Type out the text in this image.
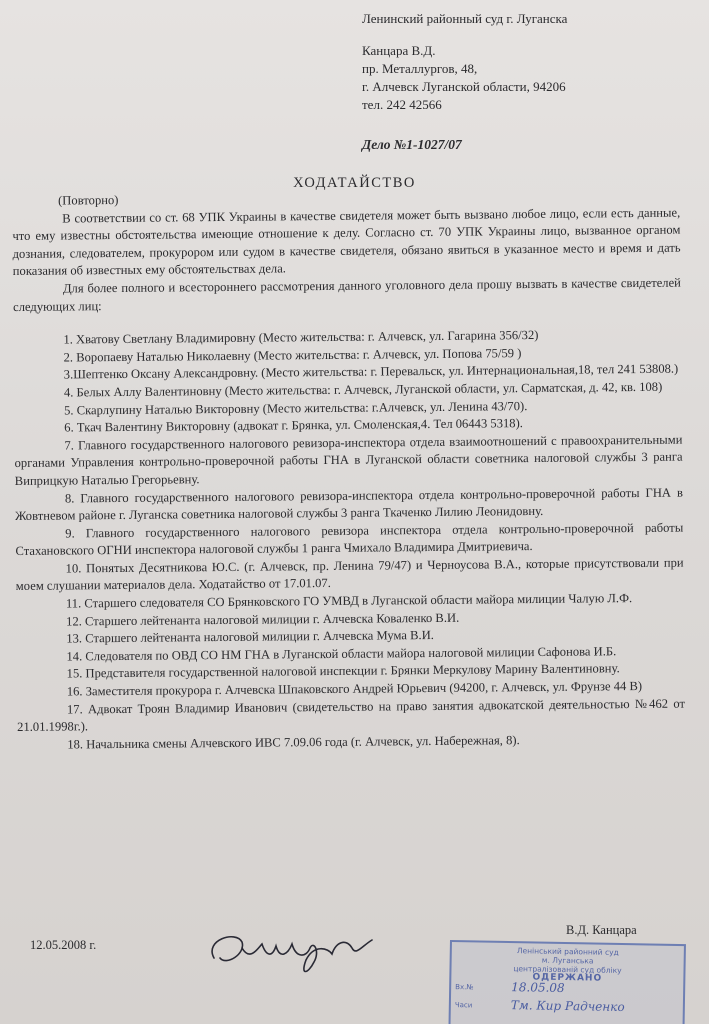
Ленинский районный суд г. Луганска
Канцара В.Д.
пр. Металлургов, 48,
г. Алчевск Луганской области, 94206
тел. 242 42566
Дело №1-1027/07
ХОДАТАЙСТВО

(Повторно)

В соответствии со ст. 68 УПК Украины в качестве свидетеля может быть вызвано любое лицо, если есть данные, что ему известны обстоятельства имеющие отношение к делу. Согласно ст. 70 УПК Украины лицо, вызванное органом дознания, следователем, прокурором или судом в качестве свидетеля, обязано явиться в указанное место и время и дать показания об известных ему обстоятельствах дела.

Для более полного и всестороннего рассмотрения данного уголовного дела прошу вызвать в качестве свидетелей следующих лиц:

1. Хватову Светлану Владимировну (Место жительства: г. Алчевск, ул. Гагарина 356/32)

2. Воропаеву Наталью Николаевну (Место жительства: г. Алчевск, ул. Попова 75/59 )

3.Шептенко Оксану Александровну. (Место жительства: г. Перевальск, ул. Интернациональная,18, тел 241 53808.)

4. Белых Аллу Валентиновну (Место жительства: г. Алчевск, Луганской области, ул. Сарматская, д. 42, кв. 108)

5. Скарлупину Наталью Викторовну (Место жительства: г.Алчевск, ул. Ленина 43/70).

6. Ткач Валентину Викторовну (адвокат г. Брянка, ул. Смоленская,4. Тел 06443 5318).

7. Главного государственного налогового ревизора-инспектора отдела взаимоотношений с правоохранительными органами Управления контрольно-проверочной работы ГНА в Луганской области советника налоговой службы 3 ранга Виприцкую Наталью Грегорьевну.

8. Главного государственного налогового ревизора-инспектора отдела контрольно-проверочной работы ГНА в Жовтневом районе г. Луганска советника налоговой службы 3 ранга Ткаченко Лилию Леонидовну.

9. Главного государственного налогового ревизора инспектора отдела контрольно-проверочной работы Стахановского ОГНИ инспектора налоговой службы 1 ранга Чмихало Владимира Дмитриевича.

10. Понятых Десятникова Ю.С. (г. Алчевск, пр. Ленина 79/47) и Черноусова В.А., которые присутствовали при моем слушании материалов дела. Ходатайство от 17.01.07.

11. Старшего следователя СО Брянковского ГО УМВД в Луганской области майора милиции Чалую Л.Ф.

12. Старшего лейтенанта налоговой милиции г. Алчевска Коваленко В.И.

13. Старшего лейтенанта налоговой милиции г. Алчевска Мума В.И.

14. Следователя по ОВД СО НМ ГНА в Луганской области майора налоговой милиции Сафонова И.Б.

15. Представителя государственной налоговой инспекции г. Брянки Меркулову Марину Валентиновну.

16. Заместителя прокурора г. Алчевска Шпаковского Андрей Юрьевич (94200, г. Алчевск, ул. Фрунзе 44 В)

17. Адвокат Троян Владимир Иванович (свидетельство на право занятия адвокатской деятельностью №462 от 21.01.1998г.).

18. Начальника смены Алчевского ИВС 7.09.06 года (г. Алчевск, ул. Набережная, 8).

В.Д. Канцара
12.05.2008 г.	Ленінський районний суд
м. Луганська
централізованій суд обліку
ОДЕРЖАНО
Вх.№	18.05.08
Часи	Тм. Кир Радченко
